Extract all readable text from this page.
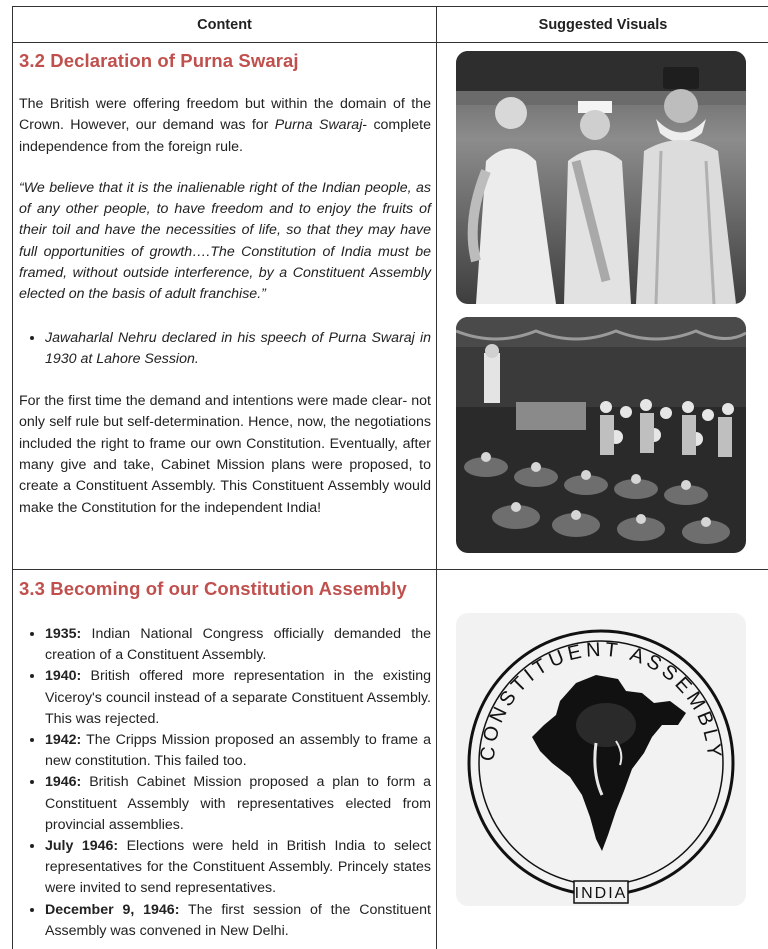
Content	Suggested Visuals
3.2 Declaration of Purna Swaraj

The British were offering freedom but within the domain of the Crown. However, our demand was for Purna Swaraj- complete independence from the foreign rule.

“We believe that it is the inalienable right of the Indian people, as of any other people, to have freedom and to enjoy the fruits of their toil and have the necessities of life, so that they may have full opportunities of growth….The Constitution of India must be framed, without outside interference, by a Constituent Assembly elected on the basis of adult franchise.”

• Jawaharlal Nehru declared in his speech of Purna Swaraj in 1930 at Lahore Session.

For the first time the demand and intentions were made clear- not only self rule but self-determination. Hence, now, the negotiations included the right to frame our own Constitution. Eventually, after many give and take, Cabinet Mission plans were proposed, to create a Constituent Assembly. This Constituent Assembly would make the Constitution for the independent India!

3.3 Becoming of our Constitution Assembly
• 1935: Indian National Congress officially demanded the creation of a Constituent Assembly.
• 1940: British offered more representation in the existing Viceroy's council instead of a separate Constituent Assembly. This was rejected.
• 1942: The Cripps Mission proposed an assembly to frame a new constitution. This failed too.
• 1946: British Cabinet Mission proposed a plan to form a Constituent Assembly with representatives elected from provincial assemblies.
• July 1946: Elections were held in British India to select representatives for the Constituent Assembly. Princely states were invited to send representatives.
• December 9, 1946: The first session of the Constituent Assembly was convened in New Delhi.
CONSTITUENT ASSEMBLY
INDIA
